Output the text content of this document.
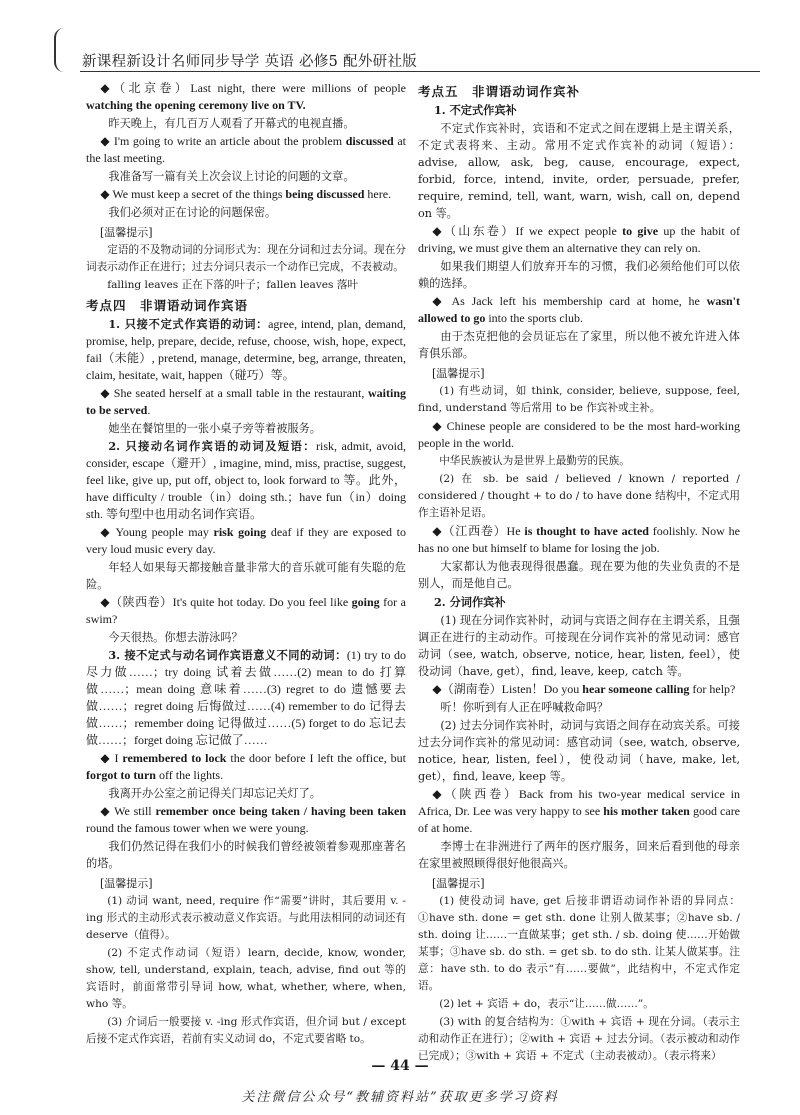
新课程新设计名师同步导学 英语 必修5 配外研社版

◆（北京卷）Last night, there were millions of people watching the opening ceremony live on TV.

昨天晚上，有几百万人观看了开幕式的电视直播。

◆ I'm going to write an article about the problem discussed at the last meeting.

我准备写一篇有关上次会议上讨论的问题的文章。

◆ We must keep a secret of the things being discussed here.

我们必须对正在讨论的问题保密。

[温馨提示]

定语的不及物动词的分词形式为：现在分词和过去分词。现在分词表示动作正在进行；过去分词只表示一个动作已完成，不表被动。

falling leaves 正在下落的叶子；fallen leaves 落叶

考点四　非谓语动词作宾语

1. 只接不定式作宾语的动词：agree, intend, plan, demand, promise, help, prepare, decide, refuse, choose, wish, hope, expect, fail（未能）, pretend, manage, determine, beg, arrange, threaten, claim, hesitate, wait, happen（碰巧）等。

◆ She seated herself at a small table in the restaurant, waiting to be served.

她坐在餐馆里的一张小桌子旁等着被服务。

2. 只接动名词作宾语的动词及短语：risk, admit, avoid, consider, escape（避开）, imagine, mind, miss, practise, suggest, feel like, give up, put off, object to, look forward to 等。此外，have difficulty / trouble（in）doing sth.；have fun（in）doing sth. 等句型中也用动名词作宾语。

◆ Young people may risk going deaf if they are exposed to very loud music every day.

年轻人如果每天都接触音量非常大的音乐就可能有失聪的危险。

◆（陕西卷）It's quite hot today. Do you feel like going for a swim?

今天很热。你想去游泳吗？

3. 接不定式与动名词作宾语意义不同的动词：(1) try to do 尽力做……；try doing 试着去做……(2) mean to do 打算做……；mean doing 意味着……(3) regret to do 遗憾要去做……；regret doing 后悔做过……(4) remember to do 记得去做……；remember doing 记得做过……(5) forget to do 忘记去做……；forget doing 忘记做了……

◆ I remembered to lock the door before I left the office, but forgot to turn off the lights.

我离开办公室之前记得关门却忘记关灯了。

◆ We still remember once being taken / having been taken round the famous tower when we were young.

我们仍然记得在我们小的时候我们曾经被领着参观那座著名的塔。

[温馨提示]

(1) 动词 want, need, require 作“需要”讲时，其后要用 v. -ing 形式的主动形式表示被动意义作宾语。与此用法相同的动词还有 deserve（值得）。

(2) 不定式作动词（短语）learn, decide, know, wonder, show, tell, understand, explain, teach, advise, find out 等的宾语时，前面常带引导词 how, what, whether, where, when, who 等。

(3) 介词后一般要接 v. -ing 形式作宾语，但介词 but / except 后接不定式作宾语，若前有实义动词 do，不定式要省略 to。

考点五　非谓语动词作宾补
1. 不定式作宾补

不定式作宾补时，宾语和不定式之间在逻辑上是主谓关系，不定式表将来、主动。常用不定式作宾补的动词（短语）：advise, allow, ask, beg, cause, encourage, expect, forbid, force, intend, invite, order, persuade, prefer, require, remind, tell, want, warn, wish, call on, depend on 等。

◆（山东卷）If we expect people to give up the habit of driving, we must give them an alternative they can rely on.

如果我们期望人们放弃开车的习惯，我们必须给他们可以依赖的选择。

◆ As Jack left his membership card at home, he wasn't allowed to go into the sports club.

由于杰克把他的会员证忘在了家里，所以他不被允许进入体育俱乐部。

[温馨提示]

(1) 有些动词，如 think, consider, believe, suppose, feel, find, understand 等后常用 to be 作宾补或主补。

◆ Chinese people are considered to be the most hard-working people in the world.

中华民族被认为是世界上最勤劳的民族。

(2) 在 sb. be said / believed / known / reported / considered / thought + to do / to have done 结构中，不定式用作主语补足语。

◆（江西卷）He is thought to have acted foolishly. Now he has no one but himself to blame for losing the job.

大家都认为他表现得很愚蠢。现在要为他的失业负责的不是别人，而是他自己。

2. 分词作宾补

(1) 现在分词作宾补时，动词与宾语之间存在主谓关系，且强调正在进行的主动动作。可接现在分词作宾补的常见动词：感官动词（see, watch, observe, notice, hear, listen, feel），使役动词（have, get），find, leave, keep, catch 等。

◆（湖南卷）Listen！Do you hear someone calling for help?

听！你听到有人正在呼喊救命吗？

(2) 过去分词作宾补时，动词与宾语之间存在动宾关系。可接过去分词作宾补的常见动词：感官动词（see, watch, observe, notice, hear, listen, feel），使役动词（have, make, let, get），find, leave, keep 等。

◆（陕西卷）Back from his two-year medical service in Africa, Dr. Lee was very happy to see his mother taken good care of at home.

李博士在非洲进行了两年的医疗服务，回来后看到他的母亲在家里被照顾得很好他很高兴。

[温馨提示]

(1) 使役动词 have, get 后接非谓语动词作补语的异同点：①have sth. done = get sth. done 让别人做某事；②have sb. / sth. doing 让……一直做某事；get sth. / sb. doing 使……开始做某事；③have sb. do sth. = get sb. to do sth. 让某人做某事。注意：have sth. to do 表示“有……要做”，此结构中，不定式作定语。

(2) let + 宾语 + do，表示“让……做……”。

(3) with 的复合结构为：①with + 宾语 + 现在分词。（表示主动和动作正在进行）；②with + 宾语 + 过去分词。（表示被动和动作已完成）；③with + 宾语 + 不定式（主动表被动）。（表示将来）

— 44 —
关注微信公众号“教辅资料站”获取更多学习资料
